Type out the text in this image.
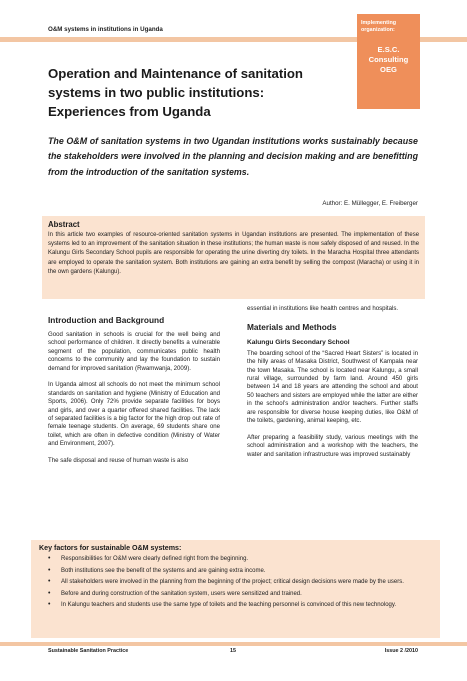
O&M systems in institutions in Uganda
Implementing organization:
E.S.C. Consulting OEG
Operation and Maintenance of sanitation systems in two public institutions: Experiences from Uganda

The O&M of sanitation systems in two Ugandan institutions works sustainably because the stakeholders were involved in the planning and decision making and are benefitting from the introduction of the sanitation systems.

Author: E. Müllegger, E. Freiberger
Abstract

In this article two examples of resource-oriented sanitation systems in Ugandan institutions are presented. The implementation of these systems led to an improvement of the sanitation situation in these institutions; the human waste is now safely disposed of and reused. In the Kalungu Girls Secondary School pupils are responsible for operating the urine diverting dry toilets. In the Maracha Hospital three attendants are employed to operate the sanitation system. Both institutions are gaining an extra benefit by selling the compost (Maracha) or using it in the own gardens (Kalungu).

Introduction and Background

Good sanitation in schools is crucial for the well being and school performance of children. It directly benefits a vulnerable segment of the population, communicates public health concerns to the community and lay the foundation to sustain demand for improved sanitation (Rwamwanja, 2009).

In Uganda almost all schools do not meet the minimum school standards on sanitation and hygiene (Ministry of Education and Sports, 2006). Only 72% provide separate facilities for boys and girls, and over a quarter offered shared facilities. The lack of separated facilities is a big factor for the high drop out rate of female teenage students. On average, 69 students share one toilet, which are often in defective condition (Ministry of Water and Environment, 2007).

The safe disposal and reuse of human waste is also

essential in institutions like health centres and hospitals.

Materials and Methods
Kalungu Girls Secondary School

The boarding school of the “Sacred Heart Sisters” is located in the hilly areas of Masaka District, Southwest of Kampala near the town Masaka. The school is located near Kalungu, a small rural village, surrounded by farm land. Around 450 girls between 14 and 18 years are attending the school and about 50 teachers and sisters are employed while the latter are either in the school’s administration and/or teachers. Further staffs are responsible for diverse house keeping duties, like O&M of the toilets, gardening, animal keeping, etc.

After preparing a feasibility study, various meetings with the school administration and a workshop with the teachers, the water and sanitation infrastructure was improved sustainably

Key factors for sustainable O&M systems:
• Responsibilities for O&M were clearly defined right from the beginning.
• Both institutions see the benefit of the systems and are gaining extra income.
• All stakeholders were involved in the planning from the beginning of the project; critical design decisions were made by the users.
• Before and during construction of the sanitation system, users were sensitized and trained.
• In Kalungu teachers and students use the same type of toilets and the teaching personnel is convinced of this new technology.
Sustainable Sanitation Practice	15	Issue 2 /2010
